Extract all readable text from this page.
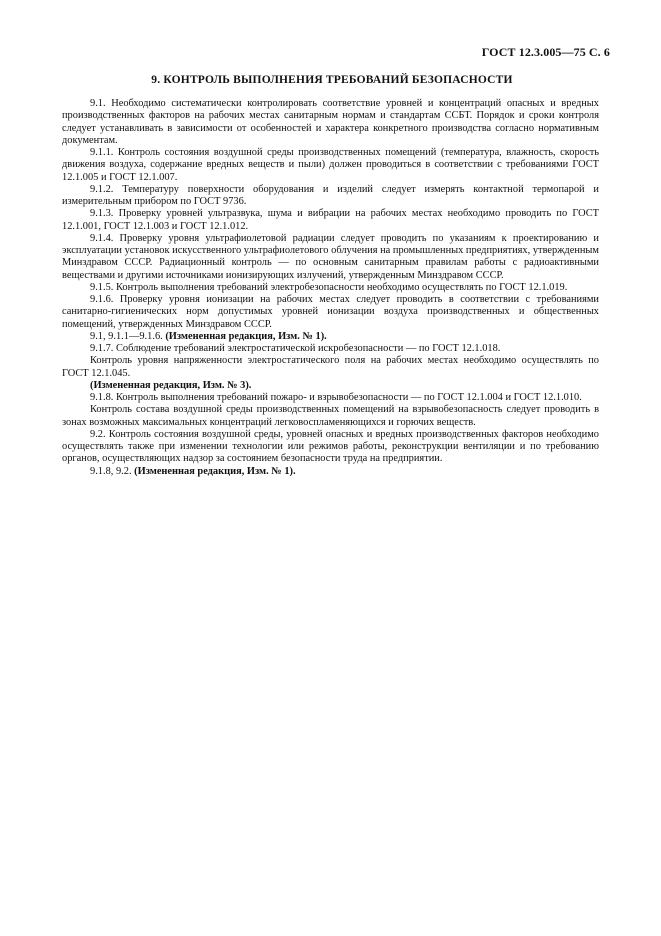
ГОСТ 12.3.005—75 С. 6
9. КОНТРОЛЬ ВЫПОЛНЕНИЯ ТРЕБОВАНИЙ БЕЗОПАСНОСТИ

9.1. Необходимо систематически контролировать соответствие уровней и концентраций опасных и вредных производственных факторов на рабочих местах санитарным нормам и стандартам ССБТ. Порядок и сроки контроля следует устанавливать в зависимости от особенностей и характера конкретного производства согласно нормативным документам.

9.1.1. Контроль состояния воздушной среды производственных помещений (температура, влажность, скорость движения воздуха, содержание вредных веществ и пыли) должен проводиться в соответствии с требованиями ГОСТ 12.1.005 и ГОСТ 12.1.007.

9.1.2. Температуру поверхности оборудования и изделий следует измерять контактной термопарой и измерительным прибором по ГОСТ 9736.

9.1.3. Проверку уровней ультразвука, шума и вибрации на рабочих местах необходимо проводить по ГОСТ 12.1.001, ГОСТ 12.1.003 и ГОСТ 12.1.012.

9.1.4. Проверку уровня ультрафиолетовой радиации следует проводить по указаниям к проектированию и эксплуатации установок искусственного ультрафиолетового облучения на промышленных предприятиях, утвержденным Минздравом СССР. Радиационный контроль — по основным санитарным правилам работы с радиоактивными веществами и другими источниками ионизирующих излучений, утвержденным Минздравом СССР.

9.1.5. Контроль выполнения требований электробезопасности необходимо осуществлять по ГОСТ 12.1.019.

9.1.6. Проверку уровня ионизации на рабочих местах следует проводить в соответствии с требованиями санитарно-гигиенических норм допустимых уровней ионизации воздуха производственных и общественных помещений, утвержденных Минздравом СССР.

9.1, 9.1.1—9.1.6. (Измененная редакция, Изм. № 1).

9.1.7. Соблюдение требований электростатической искробезопасности — по ГОСТ 12.1.018.

Контроль уровня напряженности электростатического поля на рабочих местах необходимо осуществлять по ГОСТ 12.1.045.

(Измененная редакция, Изм. № 3).

9.1.8. Контроль выполнения требований пожаро- и взрывобезопасности — по ГОСТ 12.1.004 и ГОСТ 12.1.010.

Контроль состава воздушной среды производственных помещений на взрывобезопасность следует проводить в зонах возможных максимальных концентраций легковоспламеняющихся и горючих веществ.

9.2. Контроль состояния воздушной среды, уровней опасных и вредных производственных факторов необходимо осуществлять также при изменении технологии или режимов работы, реконструкции вентиляции и по требованию органов, осуществляющих надзор за состоянием безопасности труда на предприятии.

9.1.8, 9.2. (Измененная редакция, Изм. № 1).
